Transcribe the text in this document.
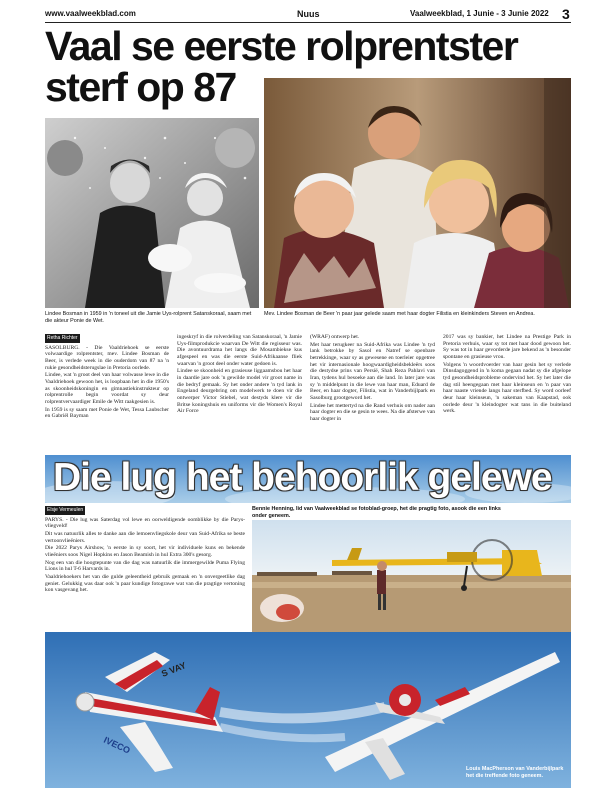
www.vaalweekblad.com	Nuus	Vaalweekblad, 1 Junie - 3 Junie 2022 3
Vaal se eerste rolprentster sterf op 87
Lindee Bosman in 1959 in 'n toneel uit die Jamie Uys-rolprent Satanskoraal, saam met die akteur Ponie de Wet.
Mev. Lindee Bosman de Beer 'n paar jaar gelede saam met haar dogter Filistia en kleinkinders Steven en Andrea.
Retha Richter

SASOLBURG. - Die Vaaldriehoek se eerste volwaardige rolprentster, mev. Lindee Bosman de Beer, is verlede week in die ouderdom van 87 na 'n rukie gesondheidsterugslae in Pretoria oorlede.

Lindee, wat 'n groot deel van haar volwasse lewe in die Vaaldriehoek gewoon het, is loopbaan het in die 1950's as skoonheidskoningin en gimnastiekinstrukteur op rolprentrolle begin voordat sy deur rolprentvervaardiger Emile de Witt raakgesien is.

In 1959 is sy saam met Ponie de Wet, Tessa Laubscher en Gabriël Bayman

ingeskryf in die rolverdeling van Satanskoraal, 'n Jamie Uys-filmprodukcie waarvan De Witt die regisseur was. Die avontuurdrama het langs die Mosambiekse kus afgespeel en was die eerste Suid-Afrikaanse fliek waarvan 'n groot deel onder water gedoen is.

Lindee se skoonheid en grasieuse liggaamsbou het haar in daardie jare ook 'n gewilde model vir groot name in die bedryf gemaak. Sy het onder andere 'n tyd lank in Engeland deurgebring om modelwerk te doen vir die ontwerper Victor Stiebel, wat destyds klere vir die Britse koningshuis en uniforms vir die Women's Royal Air Force

(WRAF) ontwerp het.

Met haar terugkeer na Suid-Afrika was Lindee 'n tyd lank betrokke by Sasol en Natref se openbare betrekkinge, waar sy as gewesene en toerleier opgetree het vir internasionale hoogwaardigheidsbekleërs soos die destydse prins van Persië, Shah Reza Pahlavi van Iran, tydens hul besoeke aan die land. In later jare was sy 'n middelpunt in die lewe van haar man, Eduard de Beer, en haar dogter, Filistia, wat in Vanderbijlpark en Sasolburg grootgeword het.

Lindee het mettertyd na die Rand verhuis om nader aan haar dogter en die se gesin te wees. Na die afsterwe van haar dogter in

2017 was sy bankier, het Lindee na Prestige Park in Pretoria verhuis, waar sy tot met haar dood gewoon het. Sy was tot in haar gevorderde jare bekend as 'n besonder spontane en grasieuse vrou.

Volgens 'n woordvoerder van haar gesin het sy verlede Dinsdagoggend in 'n koma gegaan nadat sy die afgelope tyd gesondheidsprobleme ondervind het. Sy het later die dag stil heengegaan met haar kleinseun en 'n paar van haar naaste vriende langs haar sterfbed. Sy word oorleef deur haar kleinseun, 'n sakeman van Kaapstad, ook oorlede deur 'n kleindogter wat tans in die buiteland werk.

Die lug het behoorlik gelewe
Elsje Vermeulen

PARYS. - Die lug was Saterdag vol lewe en oorweldigende oomblikke by die Parys-vliegveld!

Dit was natuurlik alles te danke aan die lemoenvliegskole deur van Suid-Afrika se beste vertoonvlieëniers.

Die 2022 Parys Airshow, 'n eerste in sy soort, het vir individuele kuns en bekende vlieëniers soos Nigel Hopkins en Jason Beamish in hul Extra 300's gesorg.

Nog een van die hoogtepunte van die dag was natuurlik die immergewilde Puma Flying Lions in hul T-6 Harvards in.

Vaaldriehoekers het van die gulde geleentheid gebruik gemaak en 'n onvergeetlike dag geniet. Gelukkig was daar ook 'n paar kundige fotograwe wat van die pragtige vertoning kon vasgevang het.

Bennie Henning, lid van Vaalweekblad se fotoblad-groep, het die pragtig foto, asook die een links onder geneem.
S VAY
IVECO
Louis MacPherson van Vanderbijlpark het die treffende foto geneem.
